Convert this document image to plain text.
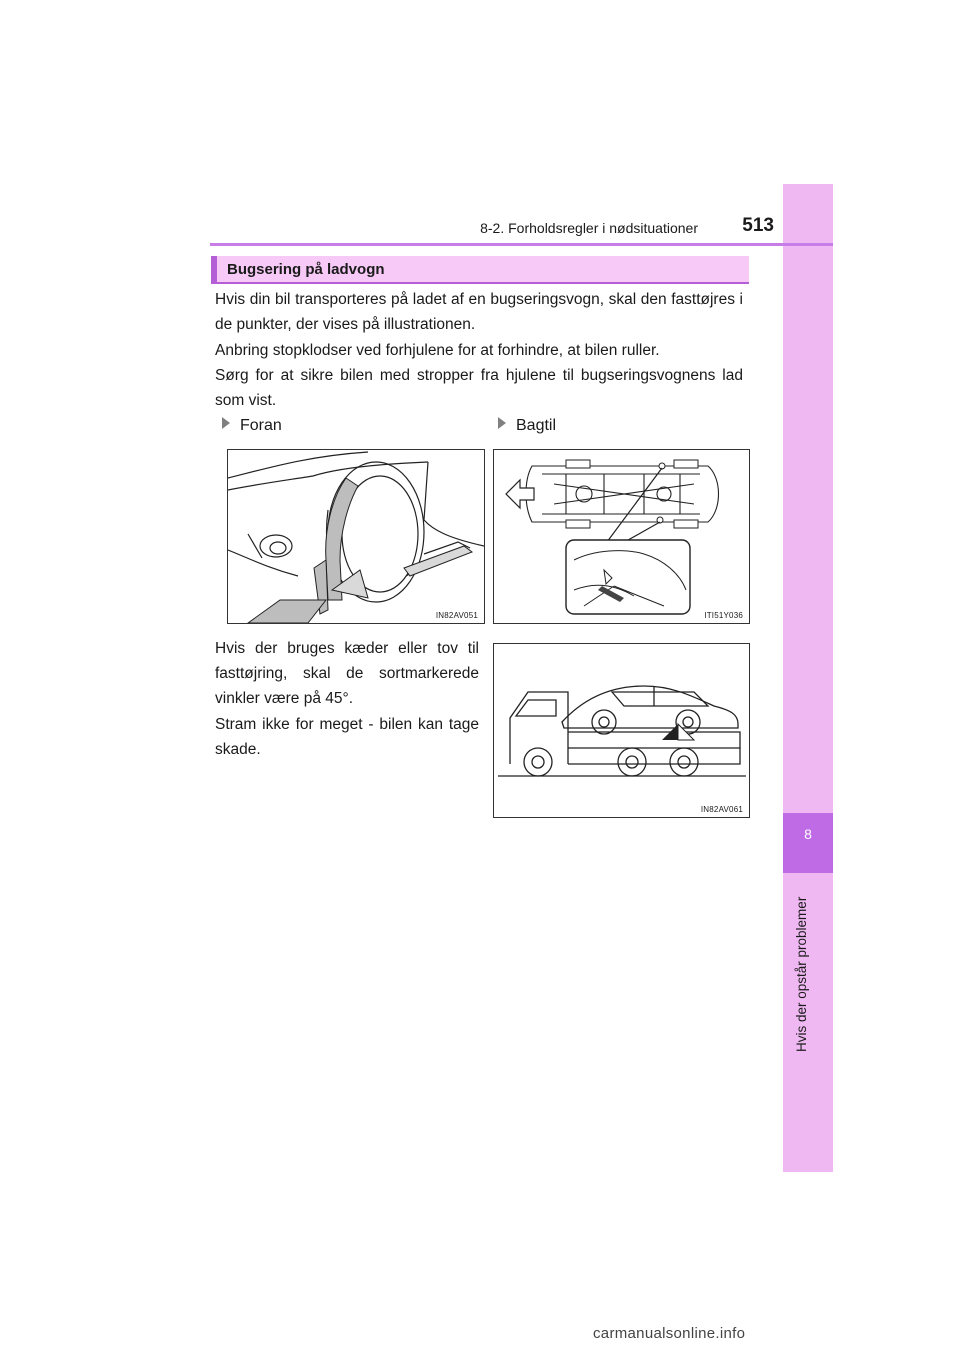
8
Hvis der opstår problemer
8-2. Forholdsregler i nødsituationer	513
Bugsering på ladvogn
Hvis din bil transporteres på ladet af en bugseringsvogn, skal den fasttøjres i de punkter, der vises på illustrationen.
Anbring stopklodser ved forhjulene for at forhindre, at bilen ruller.
Sørg for at sikre bilen med stropper fra hjulene til bugseringsvognens lad som vist.
Foran	Bagtil
IN82AV051	ITI51Y036
Hvis der bruges kæder eller tov til fasttøjring, skal de sortmarkerede vinkler være på 45°.
Stram ikke for meget - bilen kan tage skade.
IN82AV061
carmanualsonline.info
